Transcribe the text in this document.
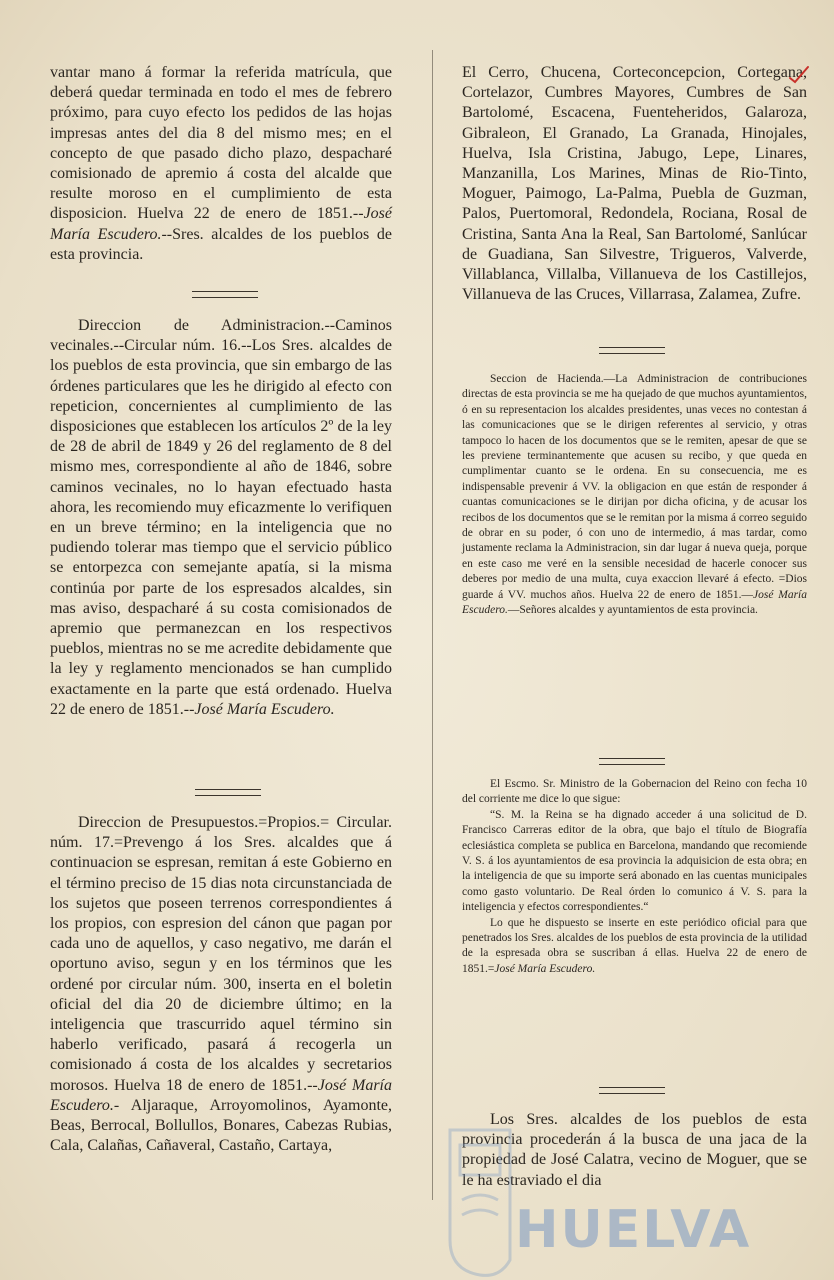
vantar mano á formar la referida matrícula, que deberá quedar terminada en todo el mes de febrero próximo, para cuyo efecto los pedidos de las hojas impresas antes del dia 8 del mismo mes; en el concepto de que pasado dicho plazo, despacharé comisionado de apremio á costa del alcalde que resulte moroso en el cumplimiento de esta disposicion. Huelva 22 de enero de 1851.--José María Escudero.--Sres. alcaldes de los pueblos de esta provincia.

Direccion de Administracion.--Caminos vecinales.--Circular núm. 16.--Los Sres. alcaldes de los pueblos de esta provincia, que sin embargo de las órdenes particulares que les he dirigido al efecto con repeticion, concernientes al cumplimiento de las disposiciones que establecen los artículos 2º de la ley de 28 de abril de 1849 y 26 del reglamento de 8 del mismo mes, correspondiente al año de 1846, sobre caminos vecinales, no lo hayan efectuado hasta ahora, les recomiendo muy eficazmente lo verifiquen en un breve término; en la inteligencia que no pudiendo tolerar mas tiempo que el servicio público se entorpezca con semejante apatía, si la misma continúa por parte de los espresados alcaldes, sin mas aviso, despacharé á su costa comisionados de apremio que permanezcan en los respectivos pueblos, mientras no se me acredite debidamente que la ley y reglamento mencionados se han cumplido exactamente en la parte que está ordenado. Huelva 22 de enero de 1851.--José María Escudero.

Direccion de Presupuestos.=Propios.= Circular. núm. 17.=Prevengo á los Sres. alcaldes que á continuacion se espresan, remitan á este Gobierno en el término preciso de 15 dias nota circunstanciada de los sujetos que poseen terrenos correspondientes á los propios, con espresion del cánon que pagan por cada uno de aquellos, y caso negativo, me darán el oportuno aviso, segun y en los términos que les ordené por circular núm. 300, insertа en el boletin oficial del dia 20 de diciembre último; en la inteligencia que trascurrido aquel término sin haberlo verificado, pasará á recogerla un comisionado á costa de los alcaldes y secretarios morosos. Huelva 18 de enero de 1851.--José María Escudero.- Aljaraque, Arroyomolinos, Ayamonte, Beas, Berrocal, Bollullos, Bonares, Cabezas Rubias, Cala, Calañas, Cañaveral, Castaño, Cartaya,

El Cerro, Chucena, Corteconcepcion, Cortegana, Cortelazor, Cumbres Mayores, Cumbres de San Bartolomé, Escacena, Fuenteheridos, Galaroza, Gibraleon, El Granado, La Granada, Hinojales, Huelva, Isla Cristina, Jabugo, Lepe, Linares, Manzanilla, Los Marines, Minas de Rio-Tinto, Moguer, Paimogo, La-Palma, Puebla de Guzman, Palos, Puertomoral, Redondela, Rociana, Rosal de Cristina, Santa Ana la Real, San Bartolomé, Sanlúcar de Guadiana, San Silvestre, Trigueros, Valverde, Villablanca, Villalba, Villanueva de los Castillejos, Villanueva de las Cruces, Villarrasa, Zalamea, Zufre.

Seccion de Hacienda.—La Administracion de contribuciones directas de esta provincia se me ha quejado de que muchos ayuntamientos, ó en su representacion los alcaldes presidentes, unas veces no contestan á las comunicaciones que se le dirigen referentes al servicio, y otras tampoco lo hacen de los documentos que se le remiten, apesar de que se les previene terminantemente que acusen su recibo, y que queda en cumplimentar cuanto se le ordena. En su consecuencia, me es indispensable prevenir á VV. la obligacion en que están de responder á cuantas comunicaciones se le dirijan por dicha oficina, y de acusar los recibos de los documentos que se le remitan por la misma á correo seguido de obrar en su poder, ó con uno de intermedio, á mas tardar, como justamente reclama la Administracion, sin dar lugar á nueva queja, porque en este caso me veré en la sensible necesidad de hacerle conocer sus deberes por medio de una multa, cuya exaccion llevaré á efecto. =Dios guarde á VV. muchos años. Huelva 22 de enero de 1851.—José María Escudero.—Señores alcaldes y ayuntamientos de esta provincia.

El Escmo. Sr. Ministro de la Gobernacion del Reino con fecha 10 del corriente me dice lo que sigue:

“S. M. la Reina se ha dignado acceder á una solicitud de D. Francisco Carreras editor de la obra, que bajo el título de Biografía eclesiástica completa se publica en Barcelona, mandando que recomiende V. S. á los ayuntamientos de esa provincia la adquisicion de esta obra; en la inteligencia de que su importe será abonado en las cuentas municipales como gasto voluntario. De Real órden lo comunico á V. S. para la inteligencia y efectos correspondientes.“

Lo que he dispuesto se inserte en este periódico oficial para que penetrados los Sres. alcaldes de los pueblos de esta provincia de la utilidad de la espresada obra se suscriban á ellas. Huelva 22 de enero de 1851.=José María Escudero.

Los Sres. alcaldes de los pueblos de esta provincia procederán á la busca de una jaca de la propiedad de José Calatra, vecino de Moguer, que se le ha estraviado el dia

HUELVA
